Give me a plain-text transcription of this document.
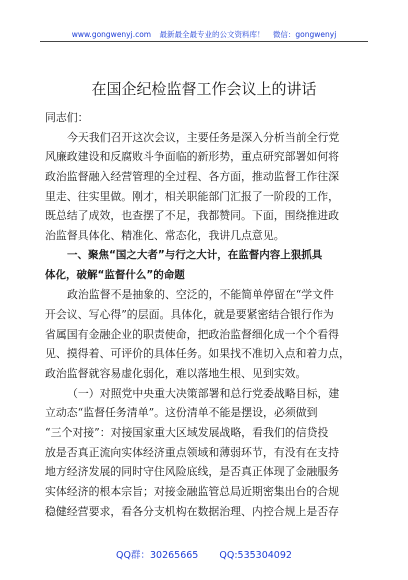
www.gongwenyj.com 最新最全最专业的公文资料库！ 微信：gongwenyj
在国企纪检监督工作会议上的讲话
同志们：
今天我们召开这次会议，主要任务是深入分析当前全行党
风廉政建设和反腐败斗争面临的新形势，重点研究部署如何将
政治监督融入经营管理的全过程、各方面，推动监督工作往深
里走、往实里做。刚才，相关职能部门汇报了一阶段的工作，
既总结了成效，也查摆了不足，我都赞同。下面，围绕推进政
治监督具体化、精准化、常态化，我讲几点意见。
一、聚焦“国之大者”与行之大计，在监督内容上狠抓具
体化，破解“监督什么”的命题
政治监督不是抽象的、空泛的，不能简单停留在“学文件
开会议、写心得”的层面。具体化，就是要紧密结合银行作为
省属国有金融企业的职责使命，把政治监督细化成一个个看得
见、摸得着、可评价的具体任务。如果找不准切入点和着力点，
政治监督就容易虚化弱化，难以落地生根、见到实效。
（一）对照党中央重大决策部署和总行党委战略目标，建
立动态“监督任务清单”。这份清单不能是摆设，必须做到
“三个对接”：对接国家重大区域发展战略，看我们的信贷投
放是否真正流向实体经济重点领域和薄弱环节，有没有在支持
地方经济发展的同时守住风险底线，是否真正体现了金融服务
实体经济的根本宗旨；对接金融监管总局近期密集出台的合规
稳健经营要求，看各分支机构在数据治理、内控合规上是否存
QQ群：30265665 QQ:535304092
